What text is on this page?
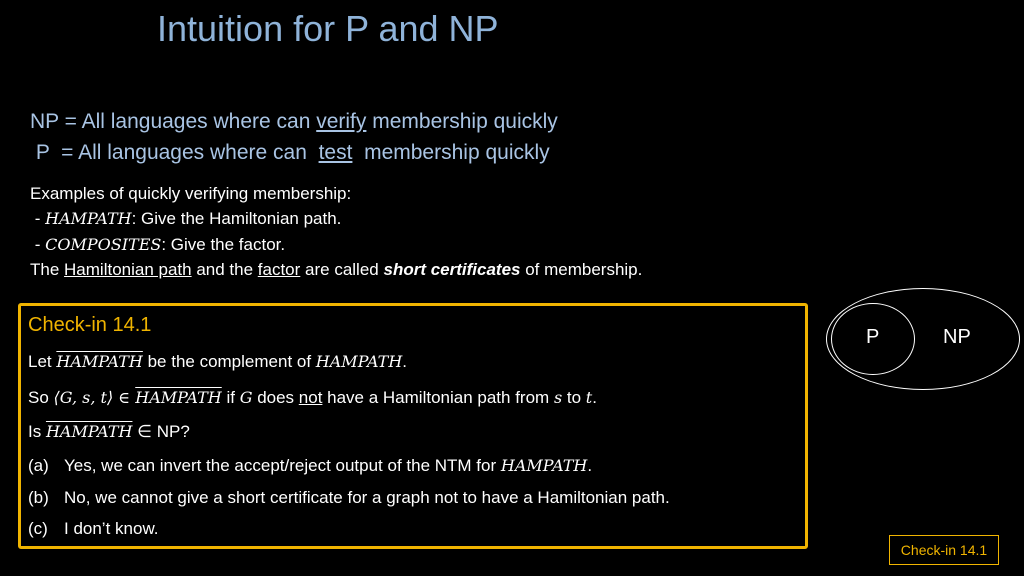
Intuition for P and NP
NP = All languages where can verify membership quickly
P  = All languages where can  test  membership quickly
Examples of quickly verifying membership:
- HAMPATH: Give the Hamiltonian path.
- COMPOSITES: Give the factor.
The Hamiltonian path and the factor are called short certificates of membership.
Check-in 14.1
Let HAMPATH be the complement of HAMPATH.
So ⟨G, s, t⟩ ∈ HAMPATH if G does not have a Hamiltonian path from s to t.
Is HAMPATH ∈ NP?
(a) Yes, we can invert the accept/reject output of the NTM for HAMPATH.
(b) No, we cannot give a short certificate for a graph not to have a Hamiltonian path.
(c) I don’t know.
P	NP
Check-in 14.1
